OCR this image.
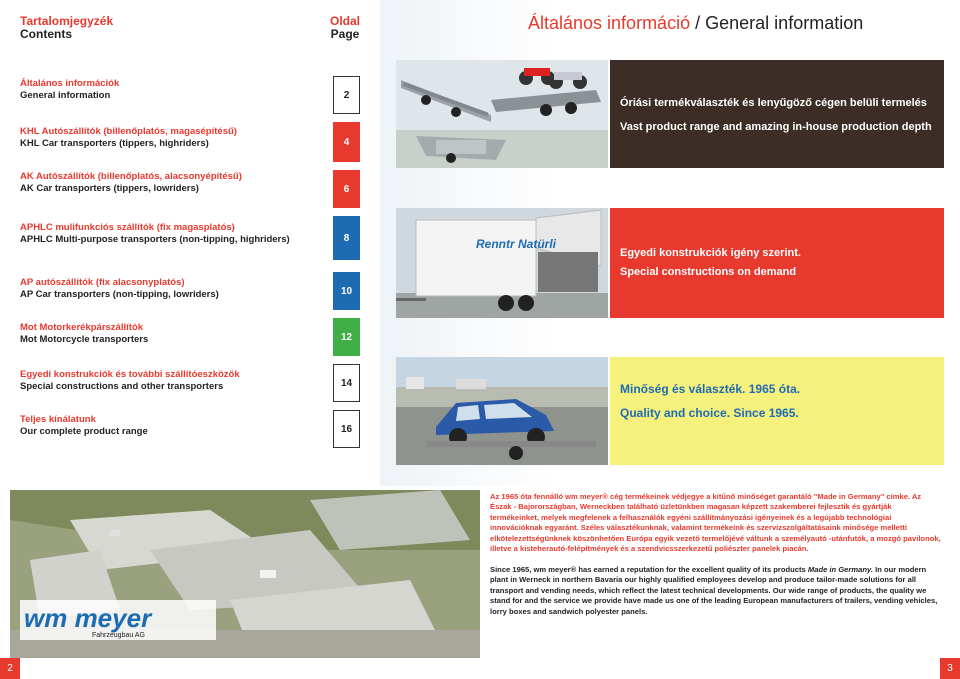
Tartalomjegyzék
Contents
Oldal
Page
Általános információ / General information
Általános információk
General information	2
KHL Autószállítók (billenőplatós, magasépítésű)
KHL Car transporters (tippers, highriders)	4
AK Autószállítók (billenőplatós, alacsonyépítésű)
AK Car transporters (tippers, lowriders)	6
APHLC mulifunkciós szállítók (fix magasplatós)
APHLC Multi-purpose transporters (non-tipping, highriders)	8
AP autószállítók (fix alacsonyplatós)
AP Car transporters (non-tipping, lowriders)	10
Mot Motorkerékpárszállítók
Mot Motorcycle transporters	12
Egyedi konstrukciók és további szállítóeszközök
Special constructions and other transporters	14
Teljes kínálatunk
Our complete product range	16

Óriási termékválaszték és lenyűgöző cégen belüli termelés

Vast product range and amazing in-house production depth

Renntr Natürli

Egyedi konstrukciók igény szerint.

Special constructions on demand

Minőség és választék. 1965 óta.

Quality and choice. Since 1965.

wm meyer
Fahrzeugbau AG
Az 1965 óta fennálló wm meyer® cég termékeinek védjegye a kitűnő minőséget garantáló "Made in Germany" címke. Az Észak - Bajorországban, Werneckben található üzletünkben magasan képzett szakemberei fejlesztik és gyártják termékeinket, melyek megfelenek a felhasználók egyéni szállítmányozási igényeinek és a legújabb technológiai innovációknak egyaránt. Széles választékunknak, valamint termékeink és szervizszolgáltatásaink minősége melletti elkötelezettségünknek köszönhetően Európa egyik vezető termelőjévé váltunk a személyautó -utánfutók, a mozgó pavilonok, illetve a kisteherautó-felépítmények és a szendvicsszerkezetű poliészter panelek piacán.
Since 1965, wm meyer® has earned a reputation for the excellent quality of its products Made in Germany. In our modern plant in Werneck in northern Bavaria our highly qualified employees develop and produce tailor-made solutions for all transport and vending needs, which reflect the latest technical developments. Our wide range of products, the quality we stand for and the service we provide have made us one of the leading European manufacturers of trailers, vending vehicles, lorry boxes and sandwich polyester panels.
2	3
